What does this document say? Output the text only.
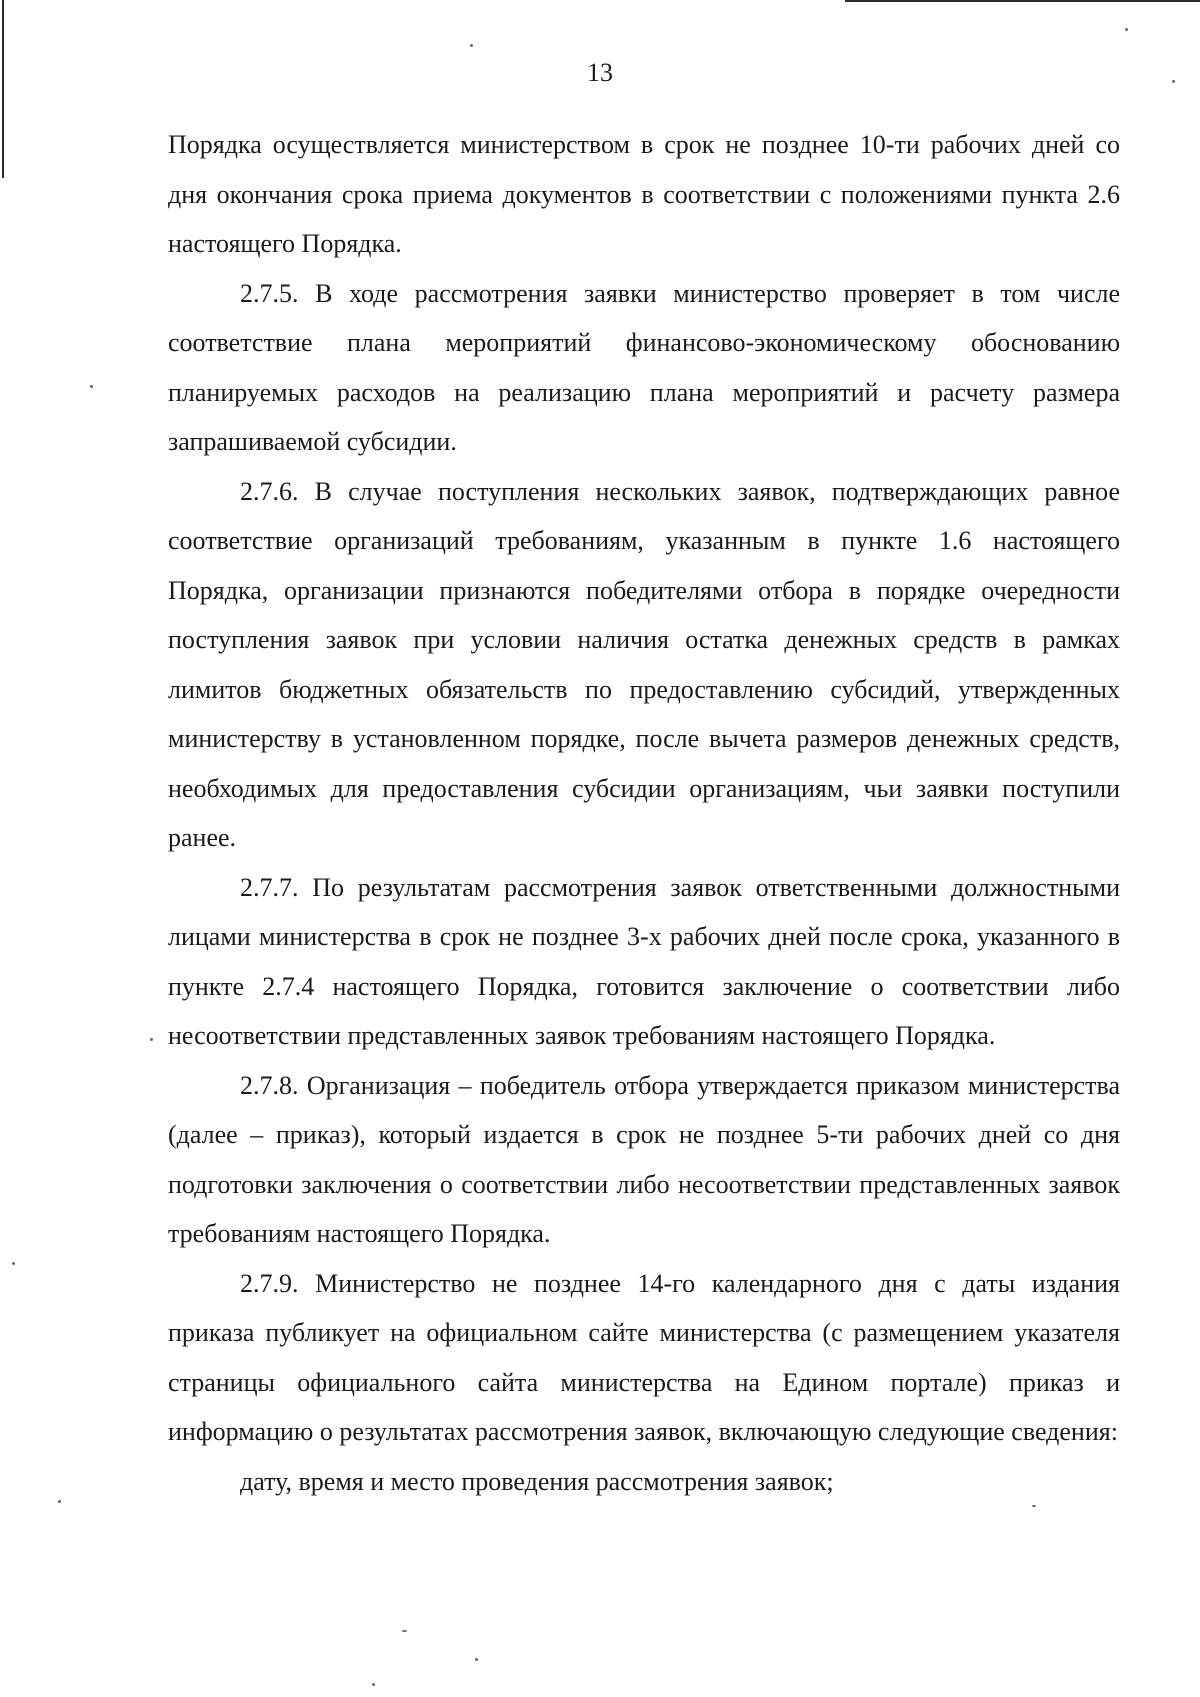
13

Порядка осуществляется министерством в срок не позднее 10-ти рабочих дней со дня окончания срока приема документов в соответствии с положениями пункта 2.6 настоящего Порядка.

2.7.5. В ходе рассмотрения заявки министерство проверяет в том числе соответствие плана мероприятий финансово-экономическому обоснованию планируемых расходов на реализацию плана мероприятий и расчету размера запрашиваемой субсидии.

2.7.6. В случае поступления нескольких заявок, подтверждающих равное соответствие организаций требованиям, указанным в пункте 1.6 настоящего Порядка, организации признаются победителями отбора в порядке очередности поступления заявок при условии наличия остатка денежных средств в рамках лимитов бюджетных обязательств по предоставлению субсидий, утвержденных министерству в установленном порядке, после вычета размеров денежных средств, необходимых для предоставления субсидии организациям, чьи заявки поступили ранее.

2.7.7. По результатам рассмотрения заявок ответственными должностными лицами министерства в срок не позднее 3-х рабочих дней после срока, указанного в пункте 2.7.4 настоящего Порядка, готовится заключение о соответствии либо несоответствии представленных заявок требованиям настоящего Порядка.

2.7.8. Организация – победитель отбора утверждается приказом министерства (далее – приказ), который издается в срок не позднее 5-ти рабочих дней со дня подготовки заключения о соответствии либо несоответствии представленных заявок требованиям настоящего Порядка.

2.7.9. Министерство не позднее 14-го календарного дня с даты издания приказа публикует на официальном сайте министерства (с размещением указателя страницы официального сайта министерства на Едином портале) приказ и информацию о результатах рассмотрения заявок, включающую следующие сведения:

дату, время и место проведения рассмотрения заявок;
